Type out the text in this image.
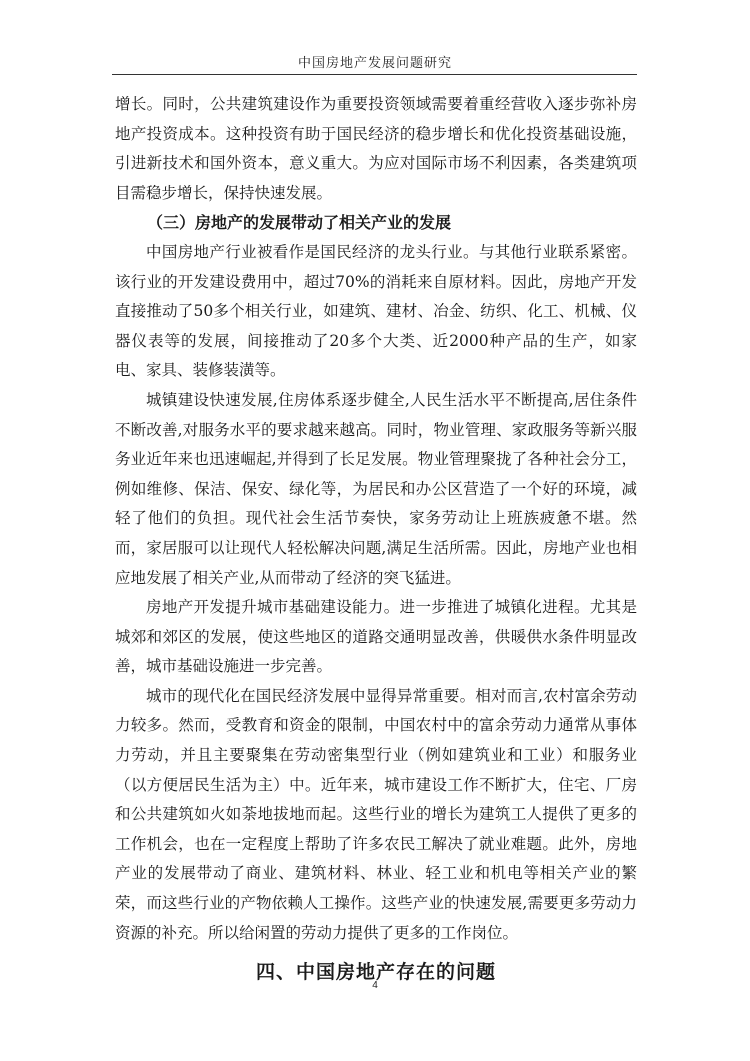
中国房地产发展问题研究

增长。同时，公共建筑建设作为重要投资领域需要着重经营收入逐步弥补房地产投资成本。这种投资有助于国民经济的稳步增长和优化投资基础设施，引进新技术和国外资本，意义重大。为应对国际市场不利因素，各类建筑项目需稳步增长，保持快速发展。

（三）房地产的发展带动了相关产业的发展

中国房地产行业被看作是国民经济的龙头行业。与其他行业联系紧密。该行业的开发建设费用中，超过70%的消耗来自原材料。因此，房地产开发直接推动了50多个相关行业，如建筑、建材、冶金、纺织、化工、机械、仪器仪表等的发展，间接推动了20多个大类、近2000种产品的生产，如家电、家具、装修装潢等。

城镇建设快速发展,住房体系逐步健全,人民生活水平不断提高,居住条件不断改善,对服务水平的要求越来越高。同时，物业管理、家政服务等新兴服务业近年来也迅速崛起,并得到了长足发展。物业管理聚拢了各种社会分工，例如维修、保洁、保安、绿化等，为居民和办公区营造了一个好的环境，减轻了他们的负担。现代社会生活节奏快，家务劳动让上班族疲惫不堪。然而，家居服可以让现代人轻松解决问题,满足生活所需。因此，房地产业也相应地发展了相关产业,从而带动了经济的突飞猛进。

房地产开发提升城市基础建设能力。进一步推进了城镇化进程。尤其是城郊和郊区的发展，使这些地区的道路交通明显改善，供暖供水条件明显改善，城市基础设施进一步完善。

城市的现代化在国民经济发展中显得异常重要。相对而言,农村富余劳动力较多。然而，受教育和资金的限制，中国农村中的富余劳动力通常从事体力劳动，并且主要聚集在劳动密集型行业（例如建筑业和工业）和服务业（以方便居民生活为主）中。近年来，城市建设工作不断扩大，住宅、厂房和公共建筑如火如荼地拔地而起。这些行业的增长为建筑工人提供了更多的工作机会，也在一定程度上帮助了许多农民工解决了就业难题。此外，房地产业的发展带动了商业、建筑材料、林业、轻工业和机电等相关产业的繁荣，而这些行业的产物依赖人工操作。这些产业的快速发展,需要更多劳动力资源的补充。所以给闲置的劳动力提供了更多的工作岗位。

四、中国房地产存在的问题
4
